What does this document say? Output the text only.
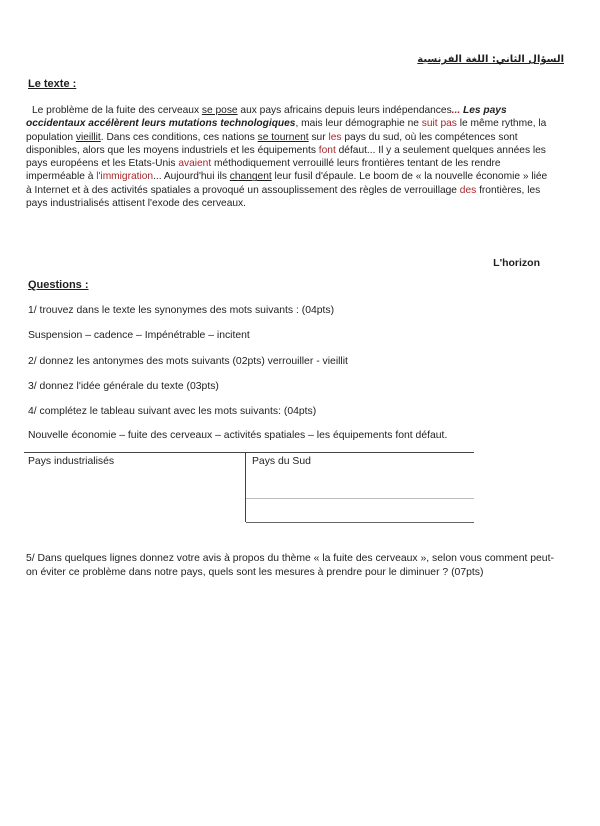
السؤال الثاني: اللغة الفرنسية
Le texte :
Le problème de la fuite des cerveaux se pose aux pays africains depuis leurs indépendances... Les pays occidentaux accélèrent leurs mutations technologiques, mais leur démographie ne suit pas le même rythme, la population vieillit. Dans ces conditions, ces nations se tournent sur les pays du sud, où les compétences sont disponibles, alors que les moyens industriels et les équipements font défaut... Il y a seulement quelques années les pays européens et les Etats-Unis avaient méthodiquement verrouillé leurs frontières tentant de les rendre imperméable à l'immigration... Aujourd'hui ils changent leur fusil d'épaule. Le boom de « la nouvelle économie » liée à Internet et à des activités spatiales a provoqué un assouplissement des règles de verrouillage des frontières, les pays industrialisés attisent l'exode des cerveaux.
L'horizon
Questions :
1/ trouvez dans le texte les synonymes des mots suivants : (04pts)
Suspension – cadence – Impénétrable – incitent
2/ donnez les antonymes des mots suivants (02pts) verrouiller - vieillit
3/ donnez l'idée générale du texte (03pts)
4/ complétez le tableau suivant avec les mots suivants: (04pts)
Nouvelle économie – fuite des cerveaux – activités spatiales – les équipements font défaut.
Pays industrialisés	Pays du Sud
5/ Dans quelques lignes donnez votre avis à propos du thème « la fuite des cerveaux », selon vous comment peut-on éviter ce problème dans notre pays, quels sont les mesures à prendre pour le diminuer ? (07pts)
